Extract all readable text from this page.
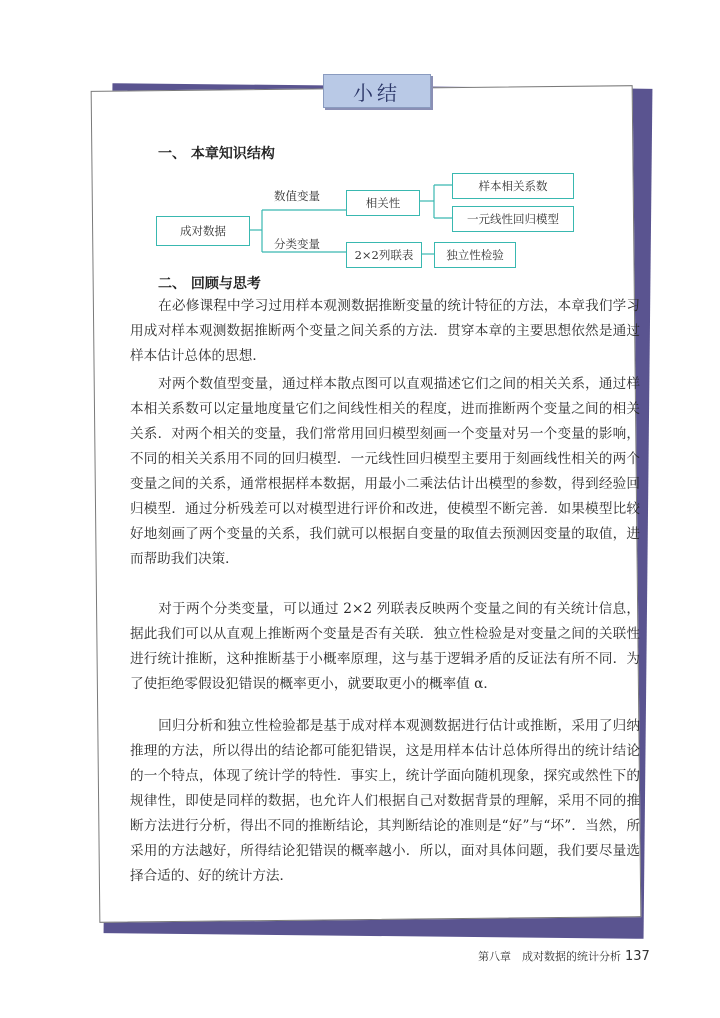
小结
一、 本章知识结构
成对数据
数值变量
分类变量
相关性
样本相关系数
一元线性回归模型
2×2列联表	独立性检验
二、 回顾与思考

在必修课程中学习过用样本观测数据推断变量的统计特征的方法，本章我们学习用成对样本观测数据推断两个变量之间关系的方法．贯穿本章的主要思想依然是通过样本估计总体的思想．

对两个数值型变量，通过样本散点图可以直观描述它们之间的相关关系，通过样本相关系数可以定量地度量它们之间线性相关的程度，进而推断两个变量之间的相关关系．对两个相关的变量，我们常常用回归模型刻画一个变量对另一个变量的影响，不同的相关关系用不同的回归模型．一元线性回归模型主要用于刻画线性相关的两个变量之间的关系，通常根据样本数据，用最小二乘法估计出模型的参数，得到经验回归模型．通过分析残差可以对模型进行评价和改进，使模型不断完善．如果模型比较好地刻画了两个变量的关系，我们就可以根据自变量的取值去预测因变量的取值，进而帮助我们决策．

对于两个分类变量，可以通过 2×2 列联表反映两个变量之间的有关统计信息，据此我们可以从直观上推断两个变量是否有关联．独立性检验是对变量之间的关联性进行统计推断，这种推断基于小概率原理，这与基于逻辑矛盾的反证法有所不同．为了使拒绝零假设犯错误的概率更小，就要取更小的概率值 α．

回归分析和独立性检验都是基于成对样本观测数据进行估计或推断，采用了归纳推理的方法，所以得出的结论都可能犯错误，这是用样本估计总体所得出的统计结论的一个特点，体现了统计学的特性．事实上，统计学面向随机现象，探究或然性下的规律性，即使是同样的数据，也允许人们根据自己对数据背景的理解，采用不同的推断方法进行分析，得出不同的推断结论，其判断结论的准则是“好”与“坏”．当然，所采用的方法越好，所得结论犯错误的概率越小．所以，面对具体问题，我们要尽量选择合适的、好的统计方法．

第八章　成对数据的统计分析 137
